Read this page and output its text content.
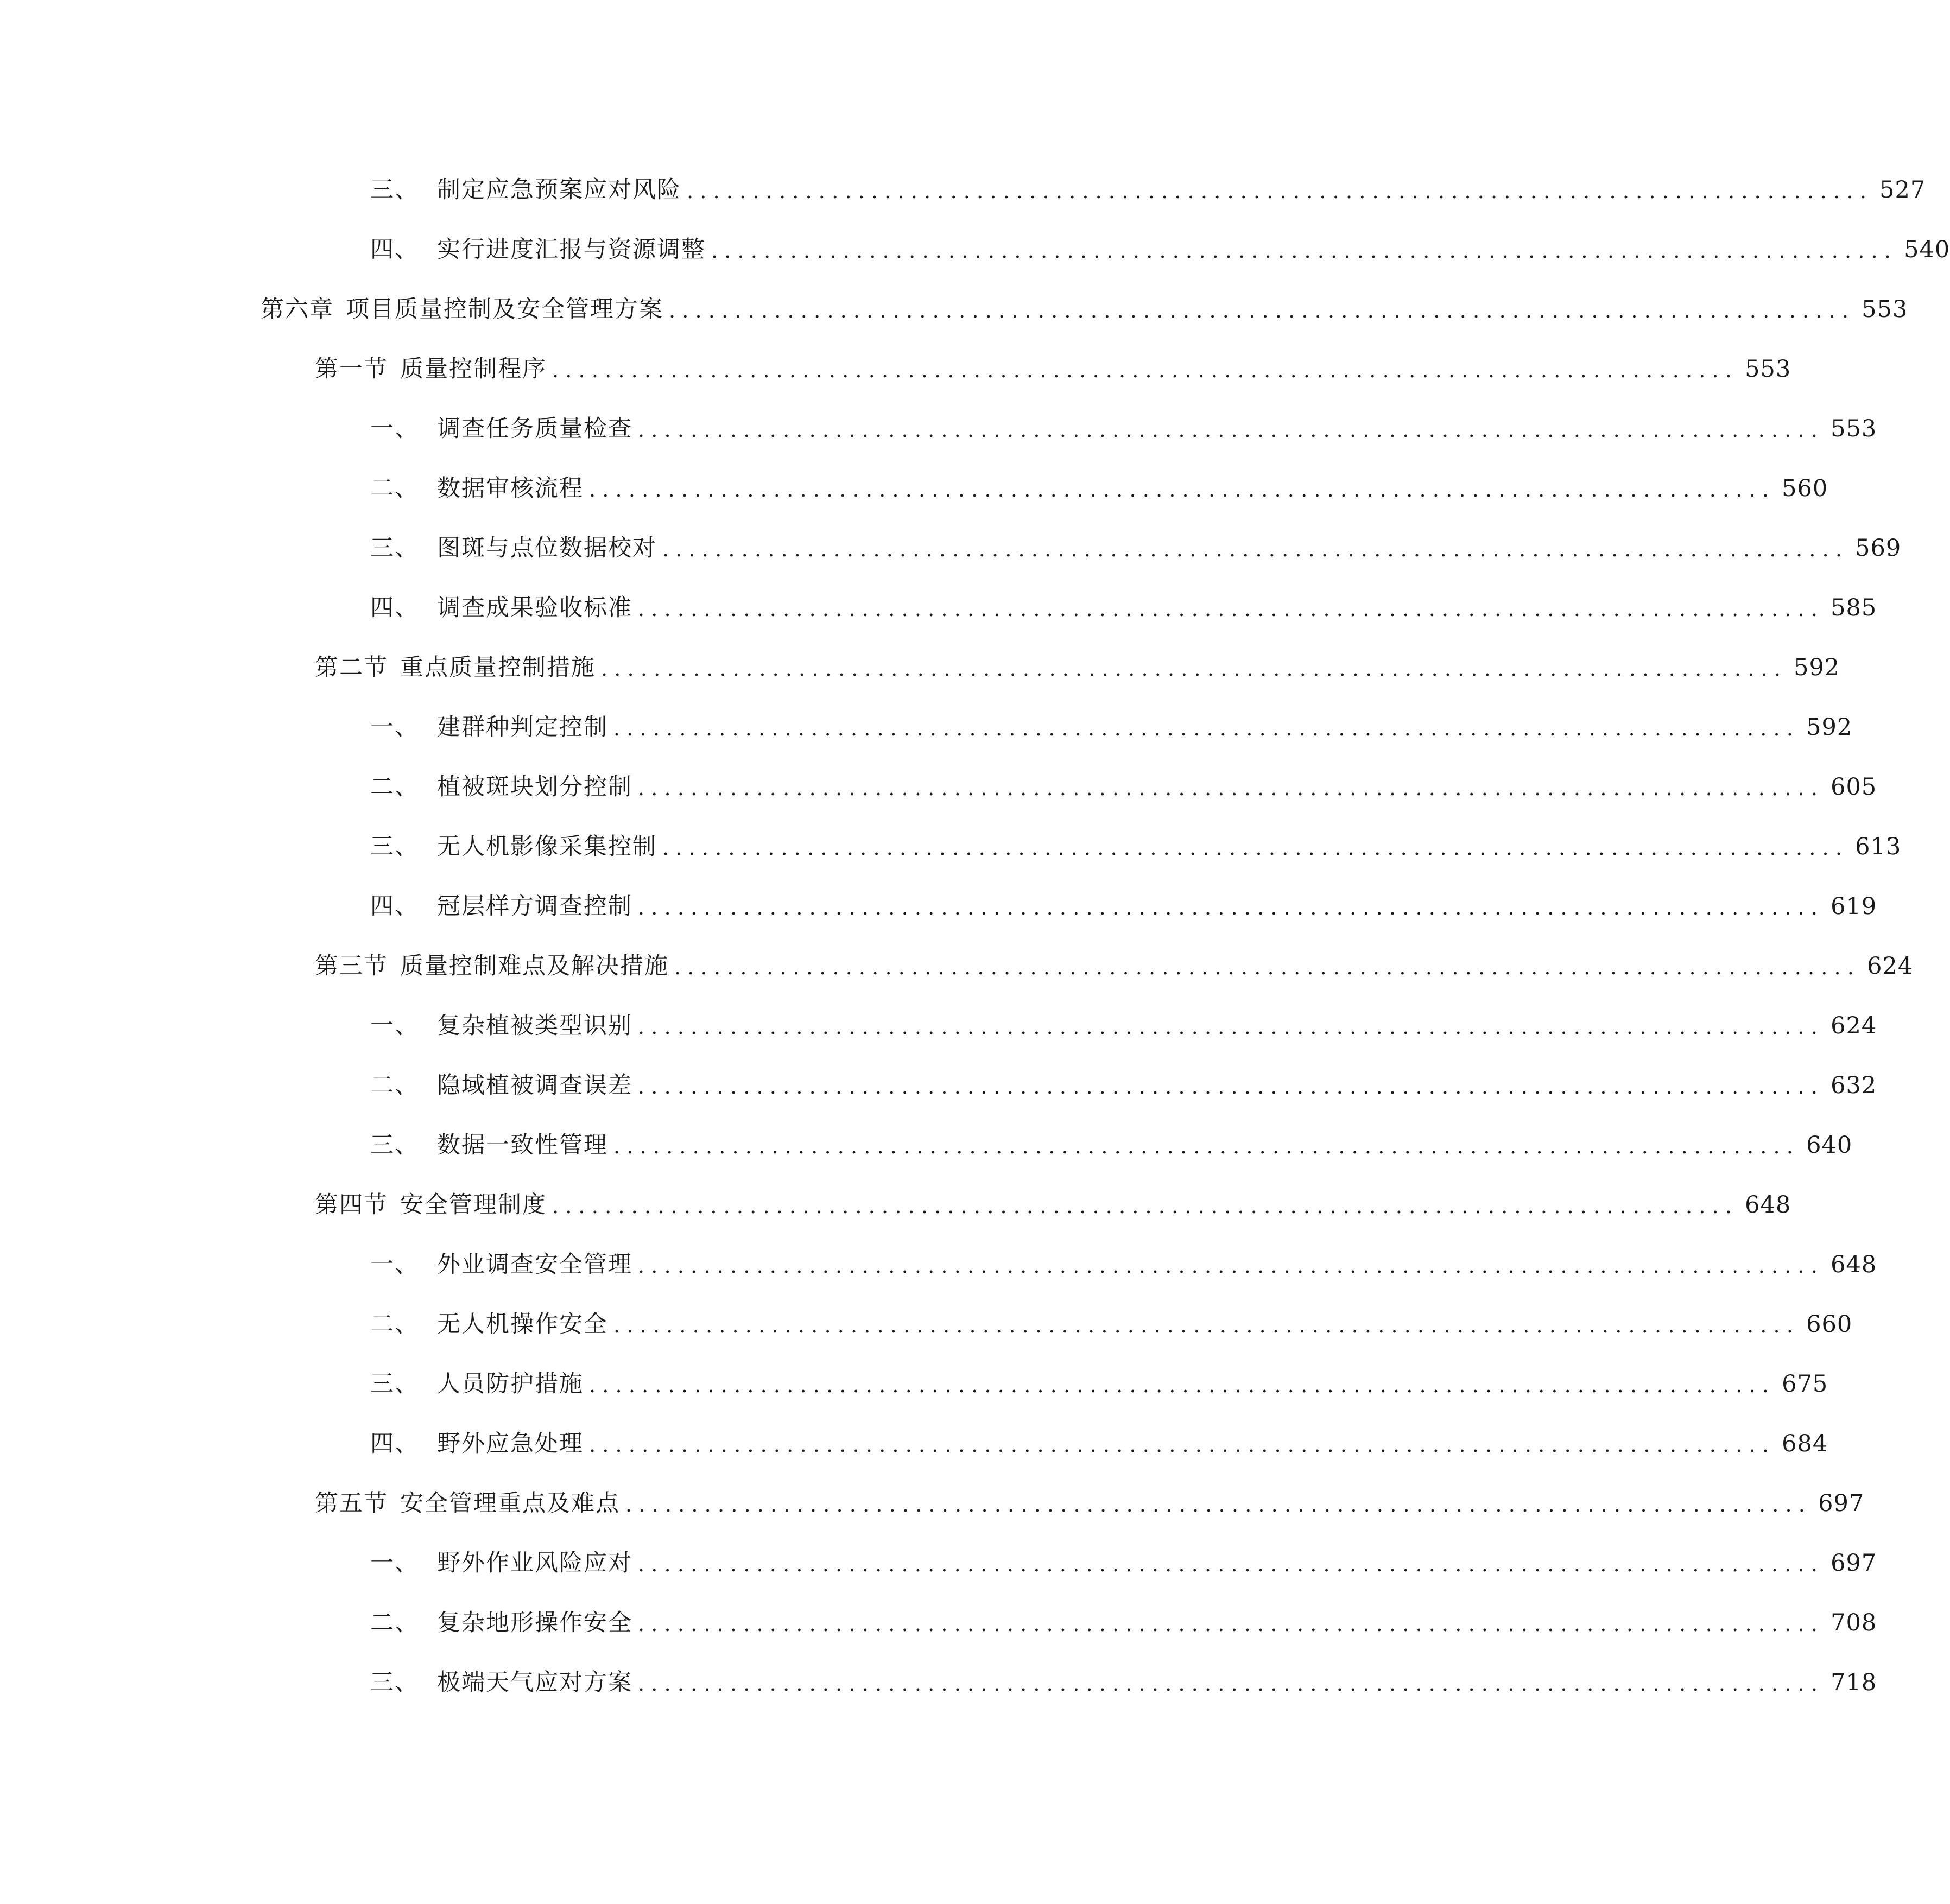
三、 制定应急预案应对风险 .......................................................................................... 527
四、 实行进度汇报与资源调整 .......................................................................................... 540
第六章 项目质量控制及安全管理方案 .......................................................................................... 553
第一节 质量控制程序 .......................................................................................... 553
一、 调查任务质量检查 .......................................................................................... 553
二、 数据审核流程 .......................................................................................... 560
三、 图斑与点位数据校对 .......................................................................................... 569
四、 调查成果验收标准 .......................................................................................... 585
第二节 重点质量控制措施 .......................................................................................... 592
一、 建群种判定控制 .......................................................................................... 592
二、 植被斑块划分控制 .......................................................................................... 605
三、 无人机影像采集控制 .......................................................................................... 613
四、 冠层样方调查控制 .......................................................................................... 619
第三节 质量控制难点及解决措施 .......................................................................................... 624
一、 复杂植被类型识别 .......................................................................................... 624
二、 隐域植被调查误差 .......................................................................................... 632
三、 数据一致性管理 .......................................................................................... 640
第四节 安全管理制度 .......................................................................................... 648
一、 外业调查安全管理 .......................................................................................... 648
二、 无人机操作安全 .......................................................................................... 660
三、 人员防护措施 .......................................................................................... 675
四、 野外应急处理 .......................................................................................... 684
第五节 安全管理重点及难点 .......................................................................................... 697
一、 野外作业风险应对 .......................................................................................... 697
二、 复杂地形操作安全 .......................................................................................... 708
三、 极端天气应对方案 .......................................................................................... 718
